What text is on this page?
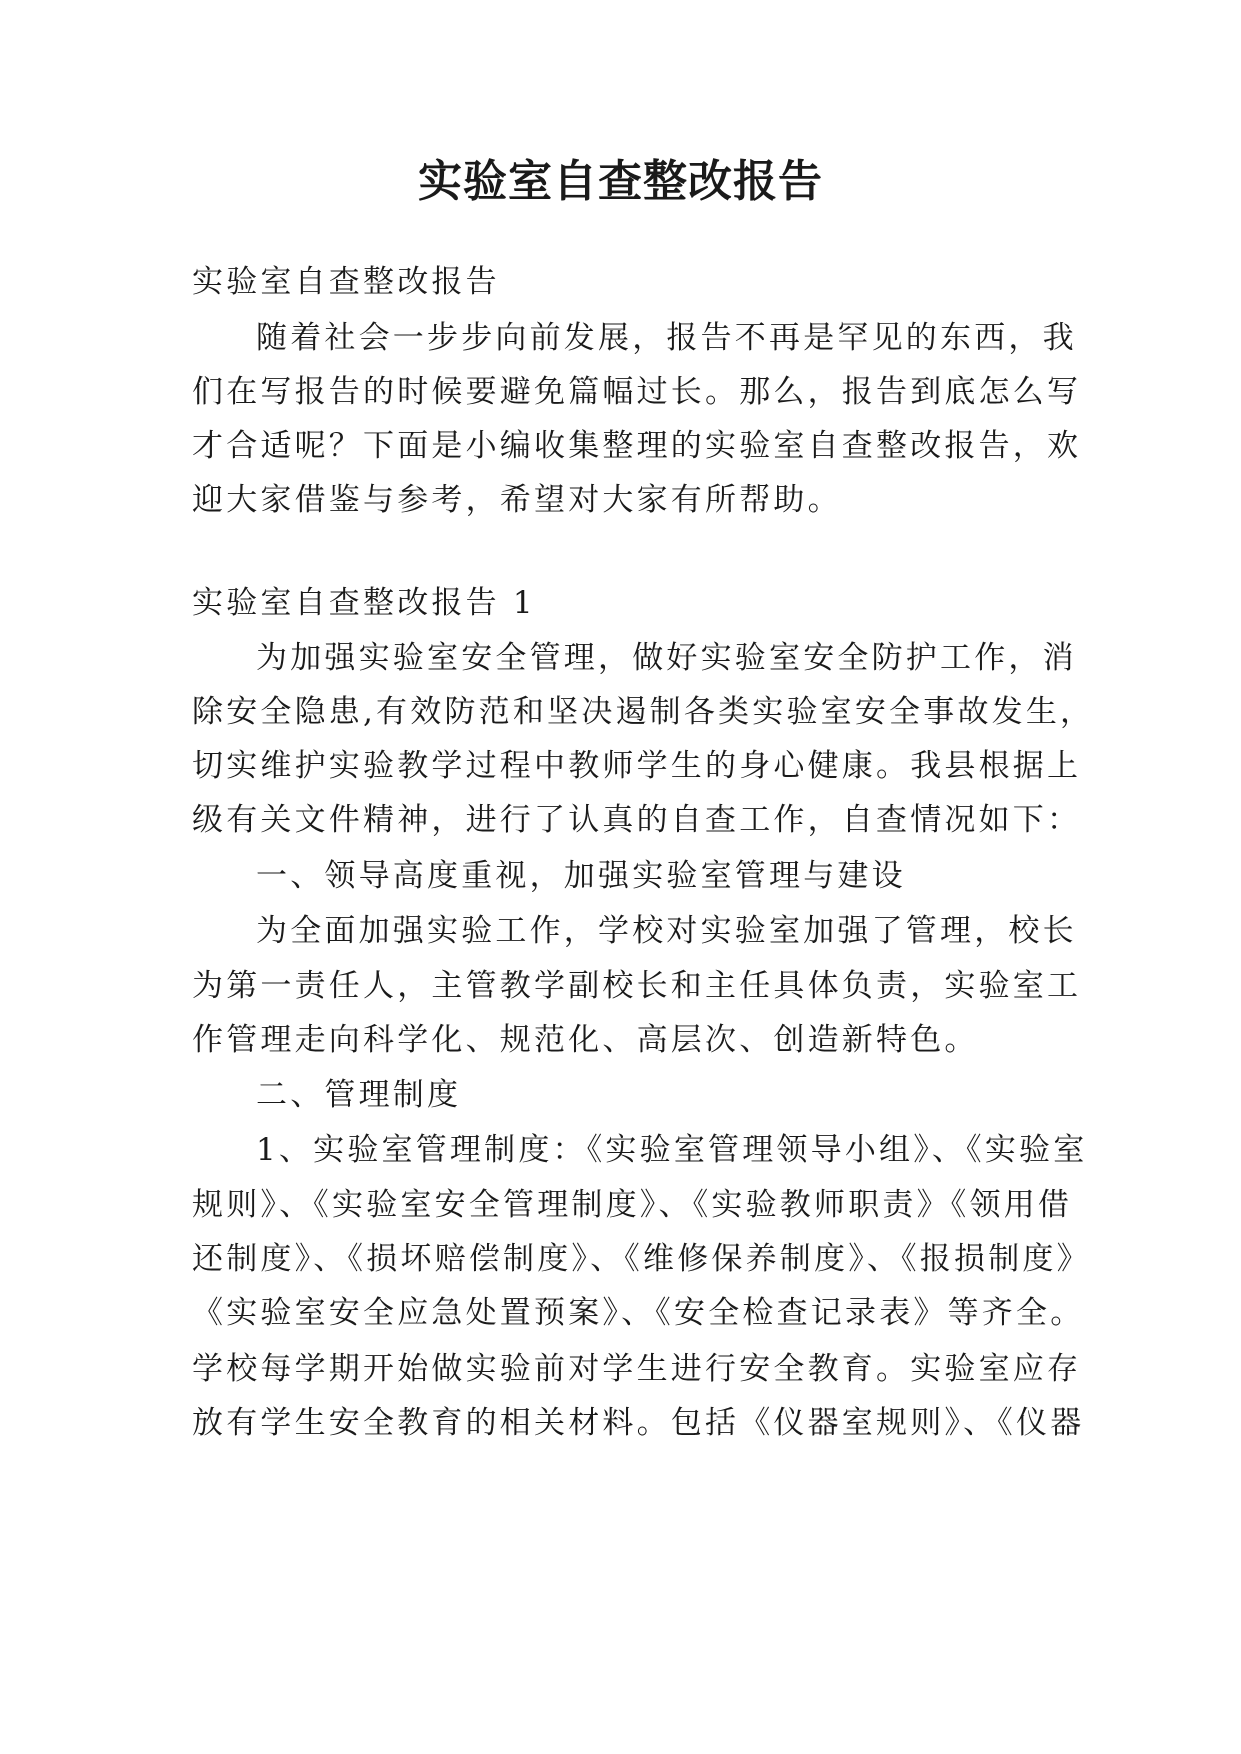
实验室自查整改报告
实验室自查整改报告
随着社会一步步向前发展，报告不再是罕见的东西，我
们在写报告的时候要避免篇幅过长。那么，报告到底怎么写
才合适呢？下面是小编收集整理的实验室自查整改报告，欢
迎大家借鉴与参考，希望对大家有所帮助。
实验室自查整改报告 1
为加强实验室安全管理，做好实验室安全防护工作，消
除安全隐患,有效防范和坚决遏制各类实验室安全事故发生，
切实维护实验教学过程中教师学生的身心健康。我县根据上
级有关文件精神，进行了认真的自查工作，自查情况如下：
一、领导高度重视，加强实验室管理与建设
为全面加强实验工作，学校对实验室加强了管理，校长
为第一责任人，主管教学副校长和主任具体负责，实验室工
作管理走向科学化、规范化、高层次、创造新特色。
二、管理制度
1、实验室管理制度：《实验室管理领导小组》、《实验室
规则》、《实验室安全管理制度》、《实验教师职责》《领用借
还制度》、《损坏赔偿制度》、《维修保养制度》、《报损制度》
《实验室安全应急处置预案》、《安全检查记录表》等齐全。
学校每学期开始做实验前对学生进行安全教育。实验室应存
放有学生安全教育的相关材料。包括《仪器室规则》、《仪器
